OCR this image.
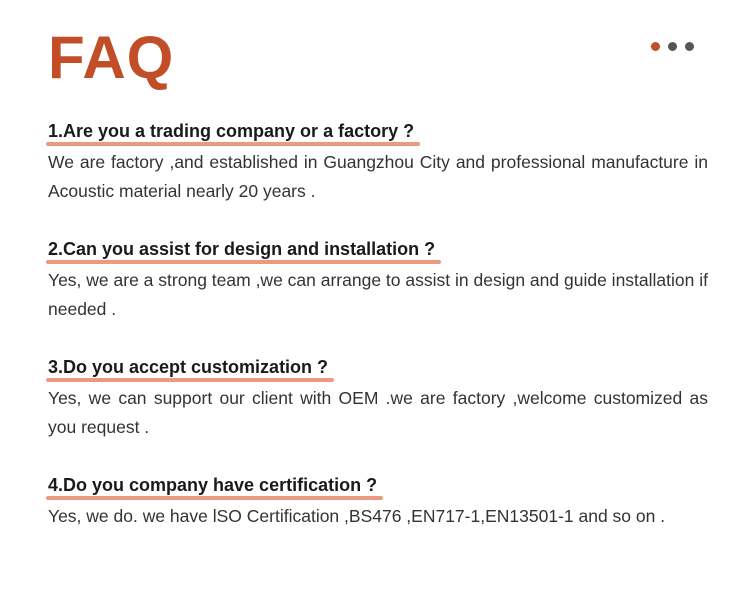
FAQ
1.Are you a trading company or a factory ?
We are factory ,and established in Guangzhou City and professional manufacture in Acoustic material nearly 20 years .
2.Can you assist for design and installation ?
Yes, we are a strong team ,we can arrange to assist in design and guide installation if needed .
3.Do you accept customization ?
Yes, we can support our client with OEM .we are factory ,welcome customized as you request .
4.Do you company have certification ?
Yes, we do. we have lSO Certification ,BS476 ,EN717-1,EN13501-1 and so on .
